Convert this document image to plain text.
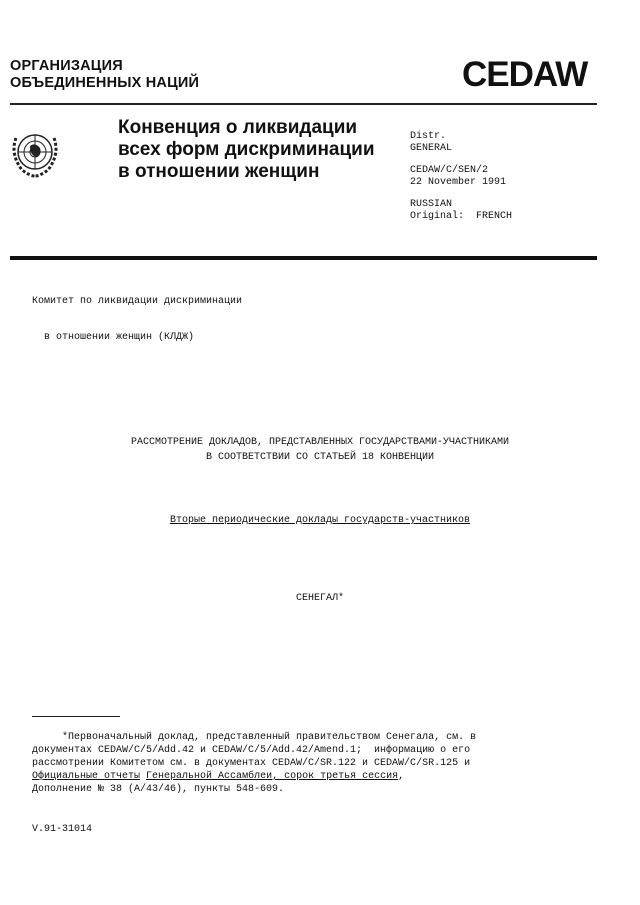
ОРГАНИЗАЦИЯ
ОБЪЕДИНЕННЫХ НАЦИЙ	CEDAW
Конвенция о ликвидации
всех форм дискриминации
в отношении женщин
Distr.
GENERAL
CEDAW/C/SEN/2
22 November 1991
RUSSIAN
Original:  FRENCH

Комитет по ликвидации дискриминации

в отношении женщин (КЛДЖ)

РАССМОТРЕНИЕ ДОКЛАДОВ, ПРЕДСТАВЛЕННЫХ ГОСУДАРСТВАМИ-УЧАСТНИКАМИ
В СООТВЕТСТВИИ СО СТАТЬЕЙ 18 КОНВЕНЦИИ
Вторые периодические доклады государств-участников
СЕНЕГАЛ*
*Первоначальный доклад, представленный правительством Сенегала, см. в
документах CEDAW/C/5/Add.42 и CEDAW/C/5/Add.42/Amend.1;  информацию о его
рассмотрении Комитетом см. в документах CEDAW/C/SR.122 и CEDAW/C/SR.125 и
Официальные отчеты Генеральной Ассамблеи, сорок третья сессия,
Дополнение № 38 (A/43/46), пункты 548-609.
V.91-31014
